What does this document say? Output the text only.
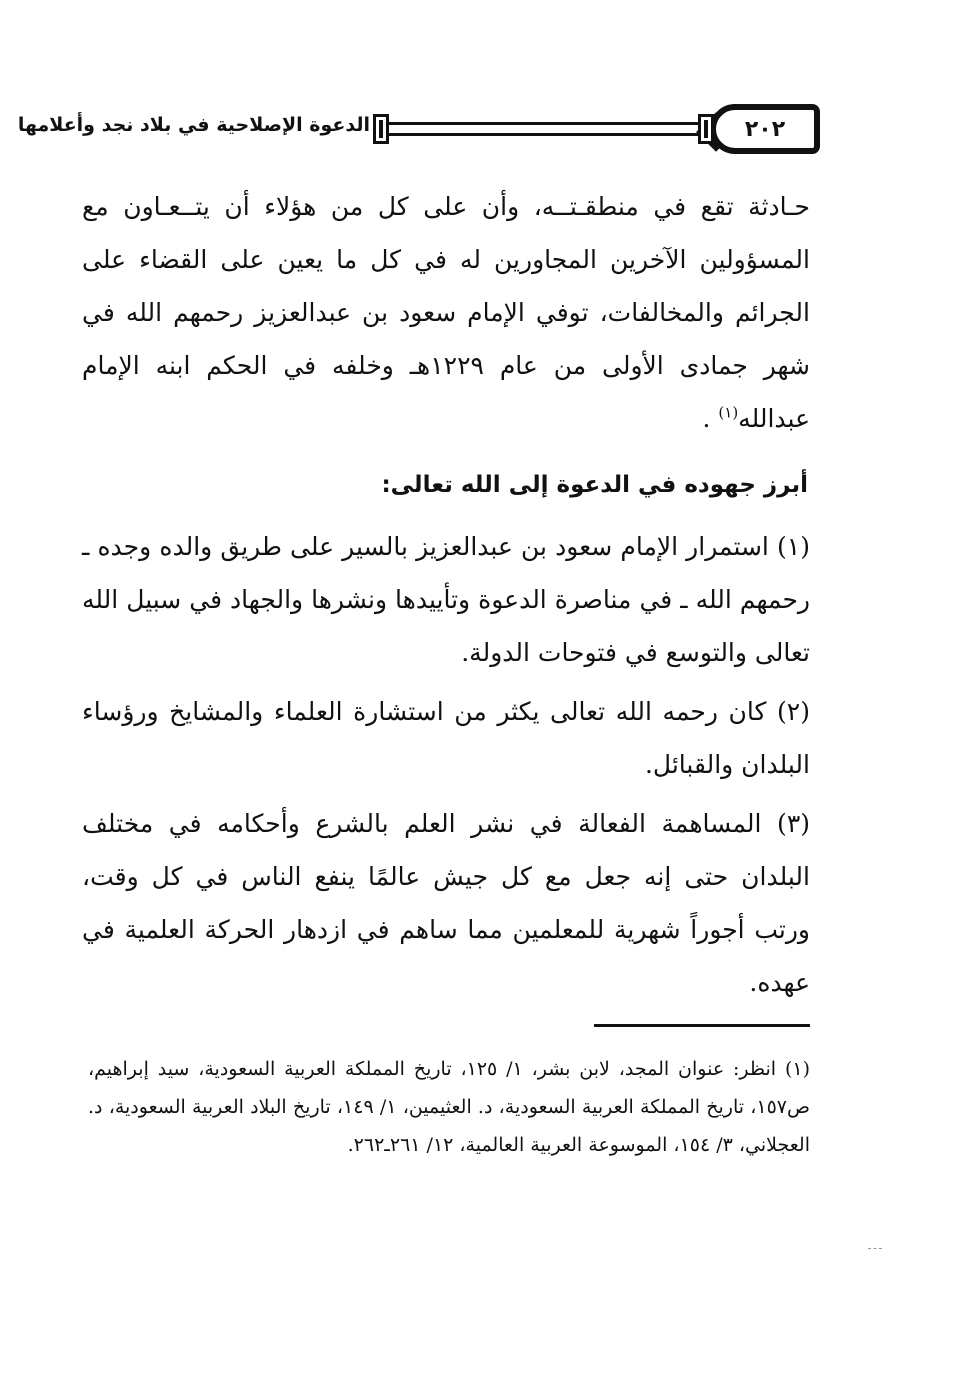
٢٠٢
الدعوة الإصلاحية في بلاد نجد وأعلامها

حـادثة تقع في منطقـتــه، وأن على كل من هؤلاء أن يتــعـاون مع المسؤولين الآخرين المجاورين له في كل ما يعين على القضاء على الجرائم والمخالفات، توفي الإمام سعود بن عبدالعزيز رحمهم الله في شهر جمادى الأولى من عام ١٢٢٩هـ وخلفه في الحكم ابنه الإمام عبدالله$^{(١)}$ .

أبرز جهوده في الدعوة إلى الله تعالى:

(١) استمرار الإمام سعود بن عبدالعزيز بالسير على طريق والده وجده ـ رحمهم الله ـ في مناصرة الدعوة وتأييدها ونشرها والجهاد في سبيل الله تعالى والتوسع في فتوحات الدولة.

(٢) كان رحمه الله تعالى يكثر من استشارة العلماء والمشايخ ورؤساء البلدان والقبائل.

(٣) المساهمة الفعالة في نشر العلم بالشرع وأحكامه في مختلف البلدان حتى إنه جعل مع كل جيش عالمًا ينفع الناس في كل وقت، ورتب أجوراً شهرية للمعلمين مما ساهم في ازدهار الحركة العلمية في عهده.

(١) انظر: عنوان المجد، لابن بشر، ١/ ١٢٥، تاريخ المملكة العربية السعودية، سيد إبراهيم، ص١٥٧، تاريخ المملكة العربية السعودية، د. العثيمين، ١/ ١٤٩، تاريخ البلاد العربية السعودية، د. العجلاني، ٣/ ١٥٤، الموسوعة العربية العالمية، ١٢/ ٢٦١ـ٢٦٢.
